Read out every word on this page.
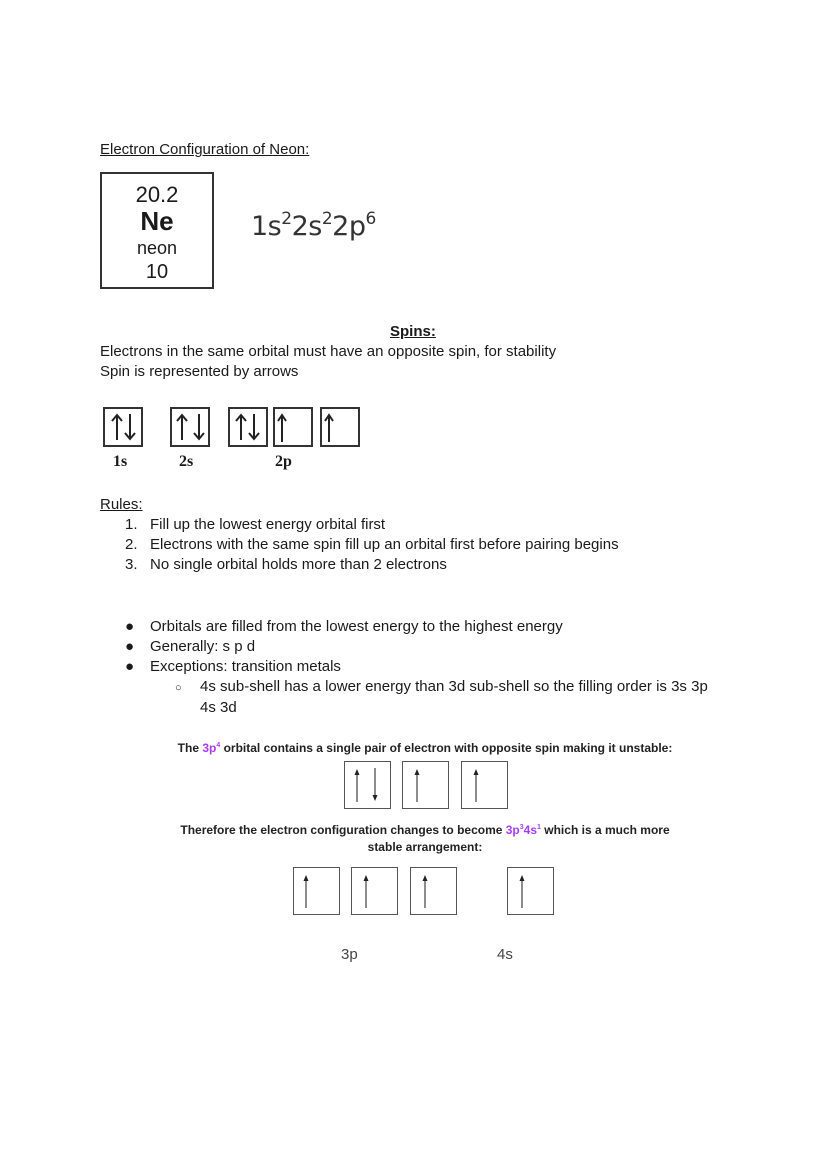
Electron Configuration of Neon:
20.2
Ne
neon
10
$1s^22s^22p^6$
Spins:
Electrons in the same orbital must have an opposite spin, for stability
Spin is represented by arrows
1s	2s	2p
Rules:
1. Fill up the lowest energy orbital first
2. Electrons with the same spin fill up an orbital first before pairing begins
3. No single orbital holds more than 2 electrons
● Orbitals are filled from the lowest energy to the highest energy
● Generally: s p d
● Exceptions: transition metals
○ 4s sub-shell has a lower energy than 3d sub-shell so the filling order is 3s 3p
4s 3d
The $3p^4$ orbital contains a single pair of electron with opposite spin making it unstable:
Therefore the electron configuration changes to become $3p^34s^1$ which is a much more
stable arrangement:
3p	4s
